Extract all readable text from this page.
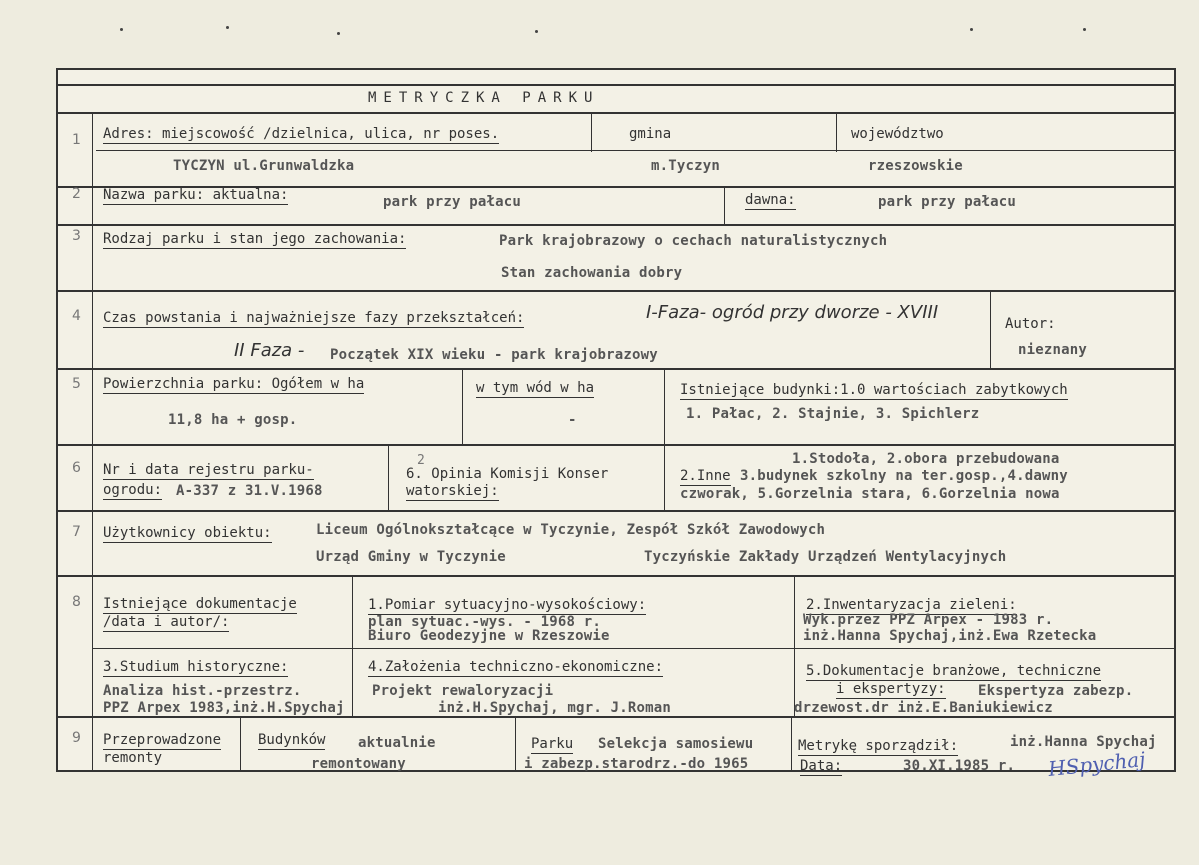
METRYCZKA PARKU
1 Adres: miejscowość /dzielnica, ulica, nr poses.
TYCZYN ul.Grunwaldzka
gmina
m.Tyczyn
województwo
rzeszowskie
2 Nazwa parku: aktualna:	park przy pałacu	dawna:	park przy pałacu
3 Rodzaj parku i stan jego zachowania:	Park krajobrazowy o cechach naturalistycznych
Stan zachowania dobry
4 Czas powstania i najważniejsze fazy przekształceń:	I-Faza- ogród przy dworze - XVIII
II Faza - Początek XIX wieku - park krajobrazowy
Autor:
nieznany
5 Powierzchnia parku: Ogółem w ha
11,8 ha + gosp.
w tym wód w ha
-
Istniejące budynki:1.0 wartościach zabytkowych
1. Pałac, 2. Stajnie, 3. Spichlerz
6 Nr i data rejestru parku-
ogrodu: A-337 z 31.V.1968
2
6. Opinia Komisji Konser
watorskiej:
1.Stodoła, 2.obora przebudowana
2.Inne 3.budynek szkolny na ter.gosp.,4.dawny
czworak, 5.Gorzelnia stara, 6.Gorzelnia nowa
7 Użytkownicy obiektu:	Liceum Ogólnokształcące w Tyczynie, Zespół Szkół Zawodowych
Urząd Gminy w Tyczynie	Tyczyńskie Zakłady Urządzeń Wentylacyjnych
8 Istniejące dokumentacje
/data i autor/:
1.Pomiar sytuacyjno-wysokościowy:
plan sytuac.-wys. - 1968 r.
Biuro Geodezyjne w Rzeszowie
2.Inwentaryzacja zieleni:
Wyk.przez PPZ Arpex - 1983 r.
inż.Hanna Spychaj,inż.Ewa Rzetecka
3.Studium historyczne:
Analiza hist.-przestrz.
PPZ Arpex 1983,inż.H.Spychaj
4.Założenia techniczno-ekonomiczne:
Projekt rewaloryzacji
inż.H.Spychaj, mgr. J.Roman
5.Dokumentacje branżowe, techniczne
i ekspertyzy: Ekspertyza zabezp.
drzewost.dr inż.E.Baniukiewicz
9 Przeprowadzone
remonty
Budynków aktualnie
remontowany
Parku Selekcja samosiewu
i zabezp.starodrz.-do 1965
Metrykę sporządził:	inż.Hanna Spychaj
Data:	30.XI.1985 r. HSpychaj
